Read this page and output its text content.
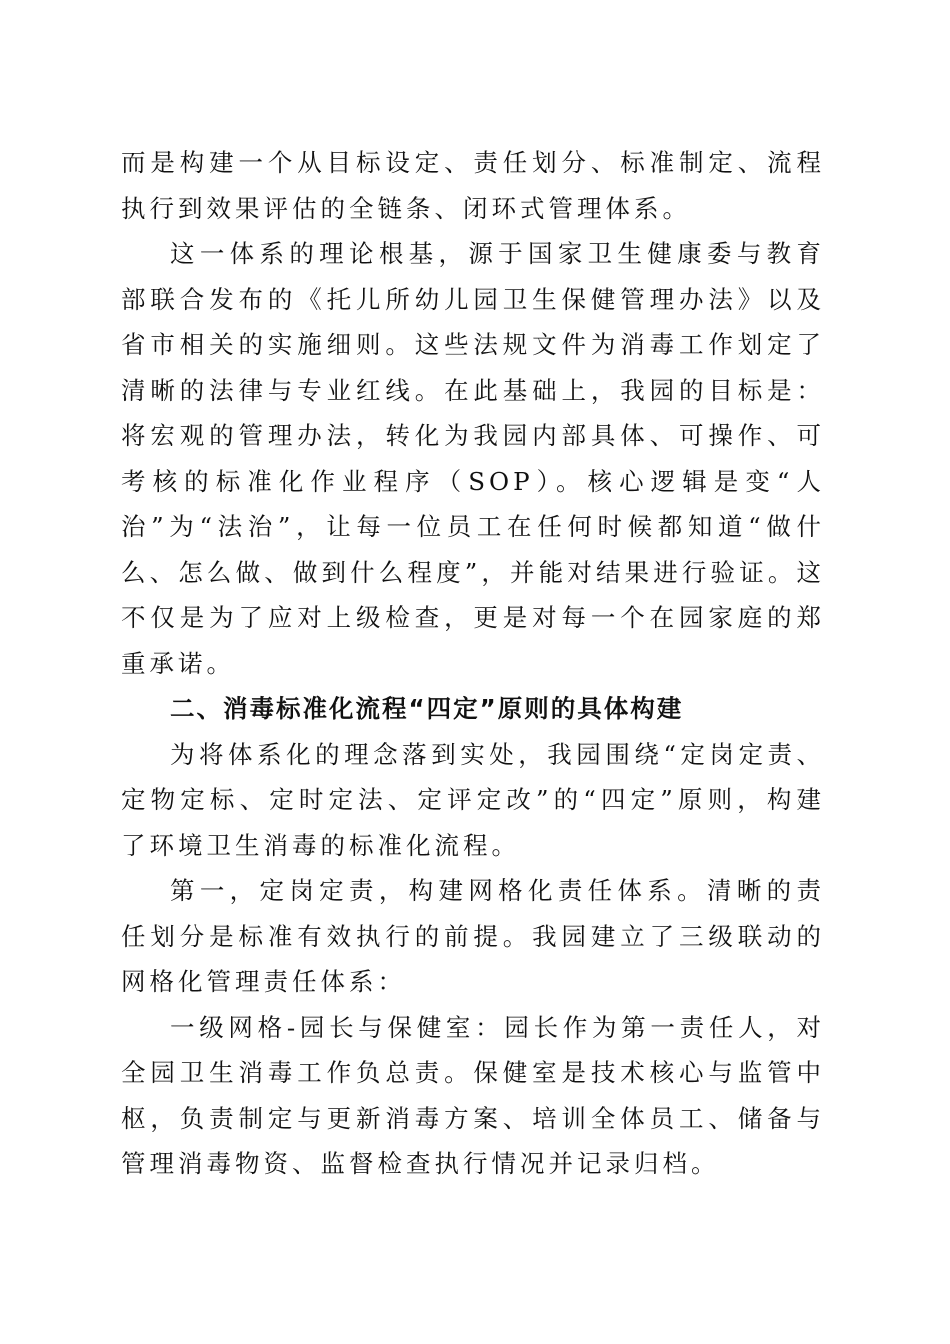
而是构建一个从目标设定、责任划分、标准制定、流程执行到效果评估的全链条、闭环式管理体系。

这一体系的理论根基，源于国家卫生健康委与教育部联合发布的《托儿所幼儿园卫生保健管理办法》以及省市相关的实施细则。这些法规文件为消毒工作划定了清晰的法律与专业红线。在此基础上，我园的目标是：将宏观的管理办法，转化为我园内部具体、可操作、可考核的标准化作业程序（SOP）。核心逻辑是变“人治”为“法治”，让每一位员工在任何时候都知道“做什么、怎么做、做到什么程度”，并能对结果进行验证。这不仅是为了应对上级检查，更是对每一个在园家庭的郑重承诺。

二、消毒标准化流程“四定”原则的具体构建

为将体系化的理念落到实处，我园围绕“定岗定责、定物定标、定时定法、定评定改”的“四定”原则，构建了环境卫生消毒的标准化流程。

第一，定岗定责，构建网格化责任体系。清晰的责任划分是标准有效执行的前提。我园建立了三级联动的网格化管理责任体系：

一级网格-园长与保健室：园长作为第一责任人，对全园卫生消毒工作负总责。保健室是技术核心与监管中枢，负责制定与更新消毒方案、培训全体员工、储备与管理消毒物资、监督检查执行情况并记录归档。
